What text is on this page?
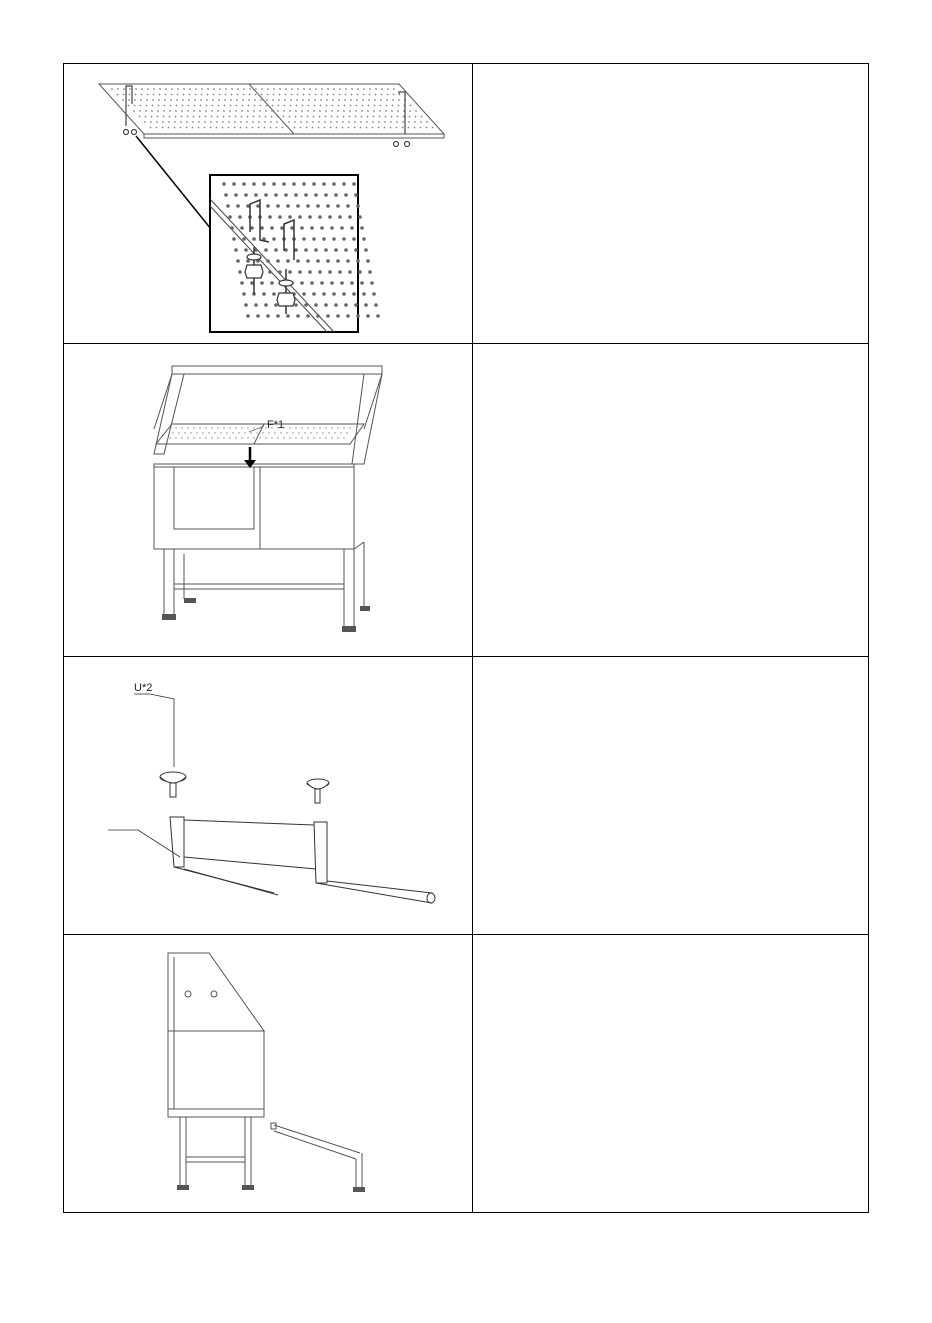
F*1	

U*2	
